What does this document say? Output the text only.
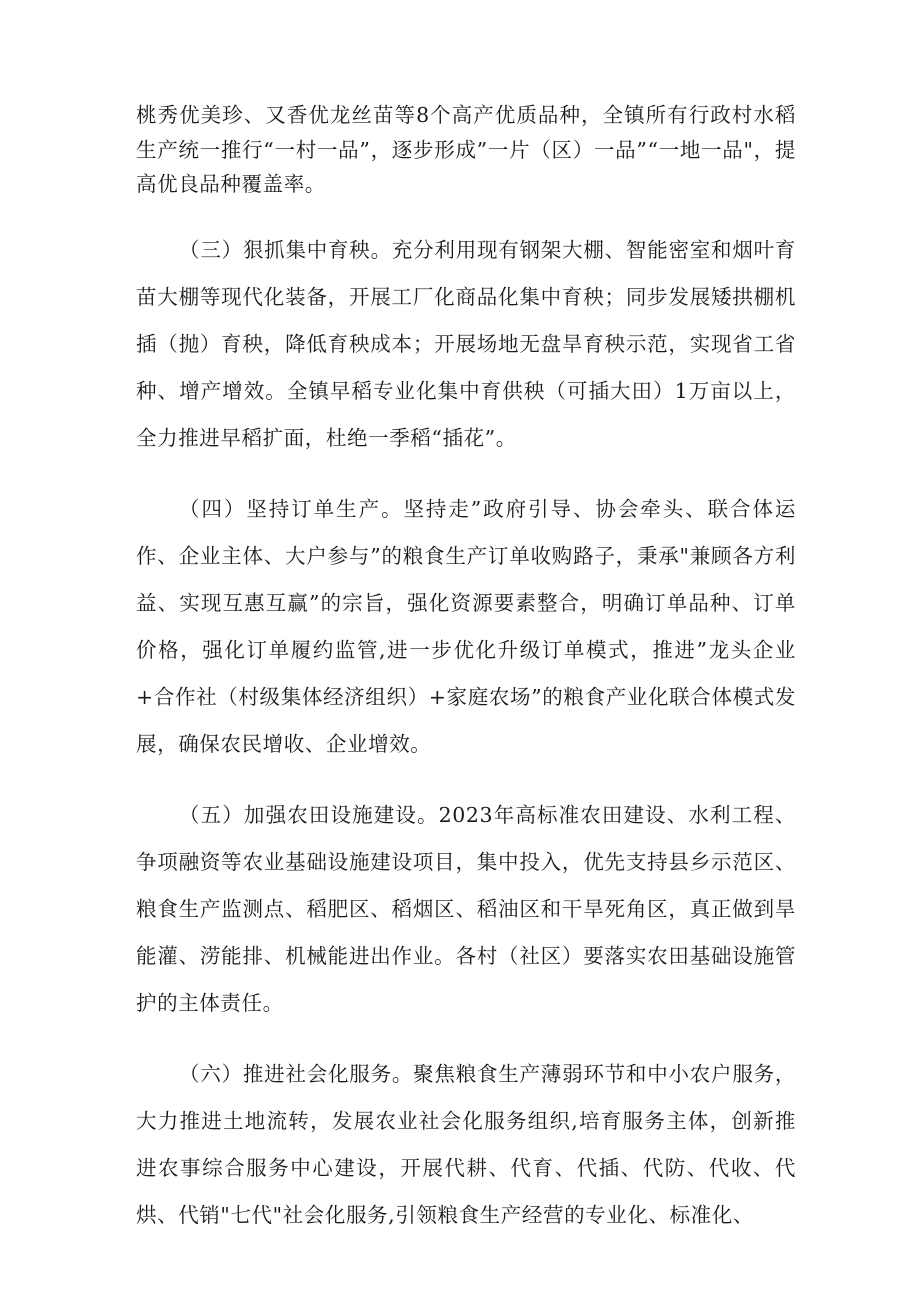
桃秀优美珍、又香优龙丝苗等8个高产优质品种，全镇所有行政村水稻生产统一推行“一村一品”，逐步形成”一片（区）一品”“一地一品"，提高优良品种覆盖率。

（三）狠抓集中育秧。充分利用现有钢架大棚、智能密室和烟叶育苗大棚等现代化装备，开展工厂化商品化集中育秧；同步发展矮拱棚机插（抛）育秧，降低育秧成本；开展场地无盘旱育秧示范，实现省工省种、增产增效。全镇早稻专业化集中育供秧（可插大田）1万亩以上，全力推进早稻扩面，杜绝一季稻“插花”。

（四）坚持订单生产。坚持走”政府引导、协会牵头、联合体运作、企业主体、大户参与”的粮食生产订单收购路子，秉承"兼顾各方利益、实现互惠互赢”的宗旨，强化资源要素整合，明确订单品种、订单价格，强化订单履约监管,进一步优化升级订单模式，推进”龙头企业+合作社（村级集体经济组织）+家庭农场”的粮食产业化联合体模式发展，确保农民增收、企业增效。

（五）加强农田设施建设。2023年高标准农田建设、水利工程、争项融资等农业基础设施建设项目，集中投入，优先支持县乡示范区、粮食生产监测点、稻肥区、稻烟区、稻油区和干旱死角区，真正做到旱能灌、涝能排、机械能进出作业。各村（社区）要落实农田基础设施管护的主体责任。

（六）推进社会化服务。聚焦粮食生产薄弱环节和中小农户服务，大力推进土地流转，发展农业社会化服务组织,培育服务主体，创新推进农事综合服务中心建设，开展代耕、代育、代插、代防、代收、代烘、代销"七代"社会化服务,引领粮食生产经营的专业化、标准化、
